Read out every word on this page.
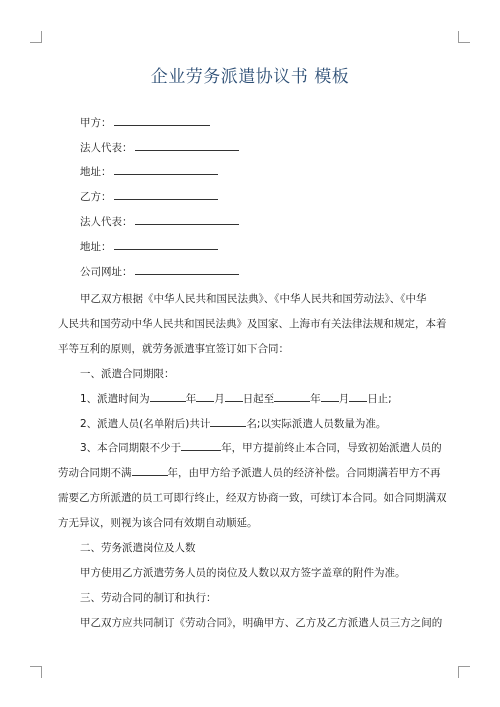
企业劳务派遣协议书 模板
甲方：
法人代表：
地址：
乙方：
法人代表：
地址：
公司网址：
甲乙双方根据《中华人民共和国民法典》、《中华人民共和国劳动法》、《中华
人民共和国劳动中华人民共和国民法典》及国家、上海市有关法律法规和规定，本着
平等互利的原则，就劳务派遣事宜签订如下合同：
一、派遣合同期限：
1、派遣时间为	年 月 日起至	年 月 日止;
2、派遣人员(名单附后)共计	名;以实际派遣人员数量为准。
3、本合同期限不少于	年，甲方提前终止本合同，导致初始派遣人员的
劳动合同期不满	年，由甲方给予派遣人员的经济补偿。合同期满若甲方不再
需要乙方所派遣的员工可即行终止，经双方协商一致，可续订本合同。如合同期满双
方无异议，则视为该合同有效期自动顺延。
二、劳务派遣岗位及人数
甲方使用乙方派遣劳务人员的岗位及人数以双方签字盖章的附件为准。
三、劳动合同的制订和执行：
甲乙双方应共同制订《劳动合同》，明确甲方、乙方及乙方派遣人员三方之间的
